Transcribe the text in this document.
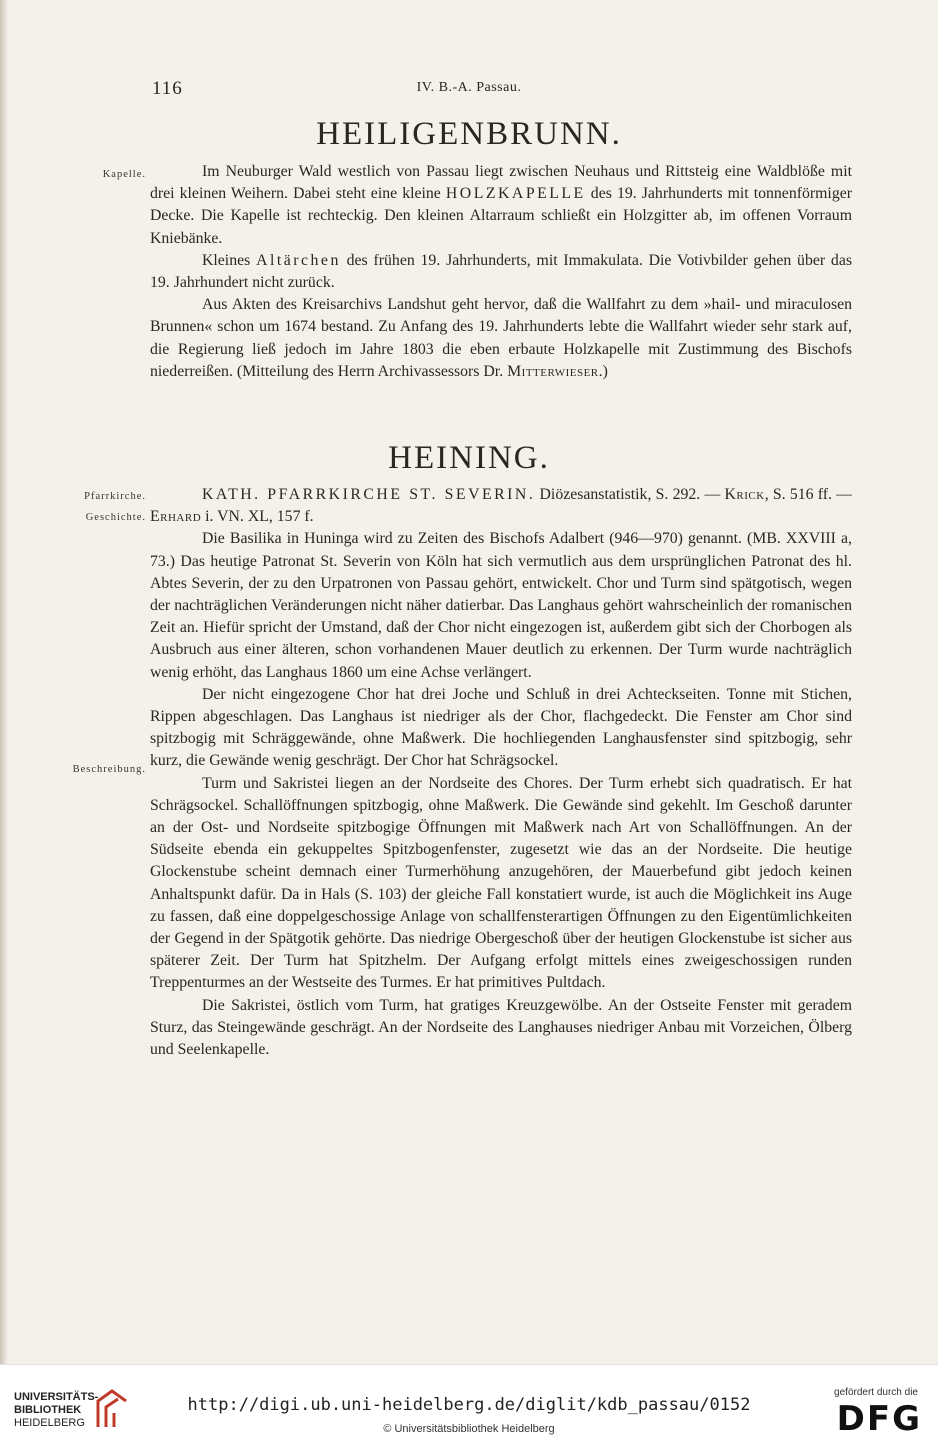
116	IV. B.-A. Passau.
HEILIGENBRUNN.
Kapelle.	Im Neuburger Wald westlich von Passau liegt zwischen Neuhaus und Rittsteig eine Waldblöße mit drei kleinen Weihern. Dabei steht eine kleine HOLZKAPELLE des 19. Jahrhunderts mit tonnenförmiger Decke. Die Kapelle ist rechteckig. Den kleinen Altarraum schließt ein Holzgitter ab, im offenen Vorraum Kniebänke.

Kleines Altärchen des frühen 19. Jahrhunderts, mit Immakulata. Die Votivbilder gehen über das 19. Jahrhundert nicht zurück.

Aus Akten des Kreisarchivs Landshut geht hervor, daß die Wallfahrt zu dem »hail- und miraculosen Brunnen« schon um 1674 bestand. Zu Anfang des 19. Jahrhunderts lebte die Wallfahrt wieder sehr stark auf, die Regierung ließ jedoch im Jahre 1803 die eben erbaute Holzkapelle mit Zustimmung des Bischofs niederreißen. (Mitteilung des Herrn Archivassessors Dr. Mitterwieser.)

HEINING.
Pfarrkirche.
Geschichte.
Beschreibung.

KATH. PFARRKIRCHE ST. SEVERIN. Diözesanstatistik, S. 292. — Krick, S. 516 ff. — Erhard i. VN. XL, 157 f.

Die Basilika in Huninga wird zu Zeiten des Bischofs Adalbert (946—970) genannt. (MB. XXVIII a, 73.) Das heutige Patronat St. Severin von Köln hat sich vermutlich aus dem ursprünglichen Patronat des hl. Abtes Severin, der zu den Urpatronen von Passau gehört, entwickelt. Chor und Turm sind spätgotisch, wegen der nachträglichen Veränderungen nicht näher datierbar. Das Langhaus gehört wahrscheinlich der romanischen Zeit an. Hiefür spricht der Umstand, daß der Chor nicht eingezogen ist, außerdem gibt sich der Chorbogen als Ausbruch aus einer älteren, schon vorhandenen Mauer deutlich zu erkennen. Der Turm wurde nachträglich wenig erhöht, das Langhaus 1860 um eine Achse verlängert.

Der nicht eingezogene Chor hat drei Joche und Schluß in drei Achteckseiten. Tonne mit Stichen, Rippen abgeschlagen. Das Langhaus ist niedriger als der Chor, flachgedeckt. Die Fenster am Chor sind spitzbogig mit Schräggewände, ohne Maßwerk. Die hochliegenden Langhausfenster sind spitzbogig, sehr kurz, die Gewände wenig geschrägt. Der Chor hat Schrägsockel.

Turm und Sakristei liegen an der Nordseite des Chores. Der Turm erhebt sich quadratisch. Er hat Schrägsockel. Schallöffnungen spitzbogig, ohne Maßwerk. Die Gewände sind gekehlt. Im Geschoß darunter an der Ost- und Nordseite spitzbogige Öffnungen mit Maßwerk nach Art von Schallöffnungen. An der Südseite ebenda ein gekuppeltes Spitzbogenfenster, zugesetzt wie das an der Nordseite. Die heutige Glockenstube scheint demnach einer Turmerhöhung anzugehören, der Mauerbefund gibt jedoch keinen Anhaltspunkt dafür. Da in Hals (S. 103) der gleiche Fall konstatiert wurde, ist auch die Möglichkeit ins Auge zu fassen, daß eine doppelgeschossige Anlage von schallfensterartigen Öffnungen zu den Eigentümlichkeiten der Gegend in der Spätgotik gehörte. Das niedrige Obergeschoß über der heutigen Glockenstube ist sicher aus späterer Zeit. Der Turm hat Spitzhelm. Der Aufgang erfolgt mittels eines zweigeschossigen runden Treppenturmes an der Westseite des Turmes. Er hat primitives Pultdach.

Die Sakristei, östlich vom Turm, hat gratiges Kreuzgewölbe. An der Ostseite Fenster mit geradem Sturz, das Steingewände geschrägt. An der Nordseite des Langhauses niedriger Anbau mit Vorzeichen, Ölberg und Seelenkapelle.

UNIVERSITÄTS-
BIBLIOTHEK
HEIDELBERG
http://digi.ub.uni-heidelberg.de/diglit/kdb_passau/0152
© Universitätsbibliothek Heidelberg
gefördert durch die
DFG
